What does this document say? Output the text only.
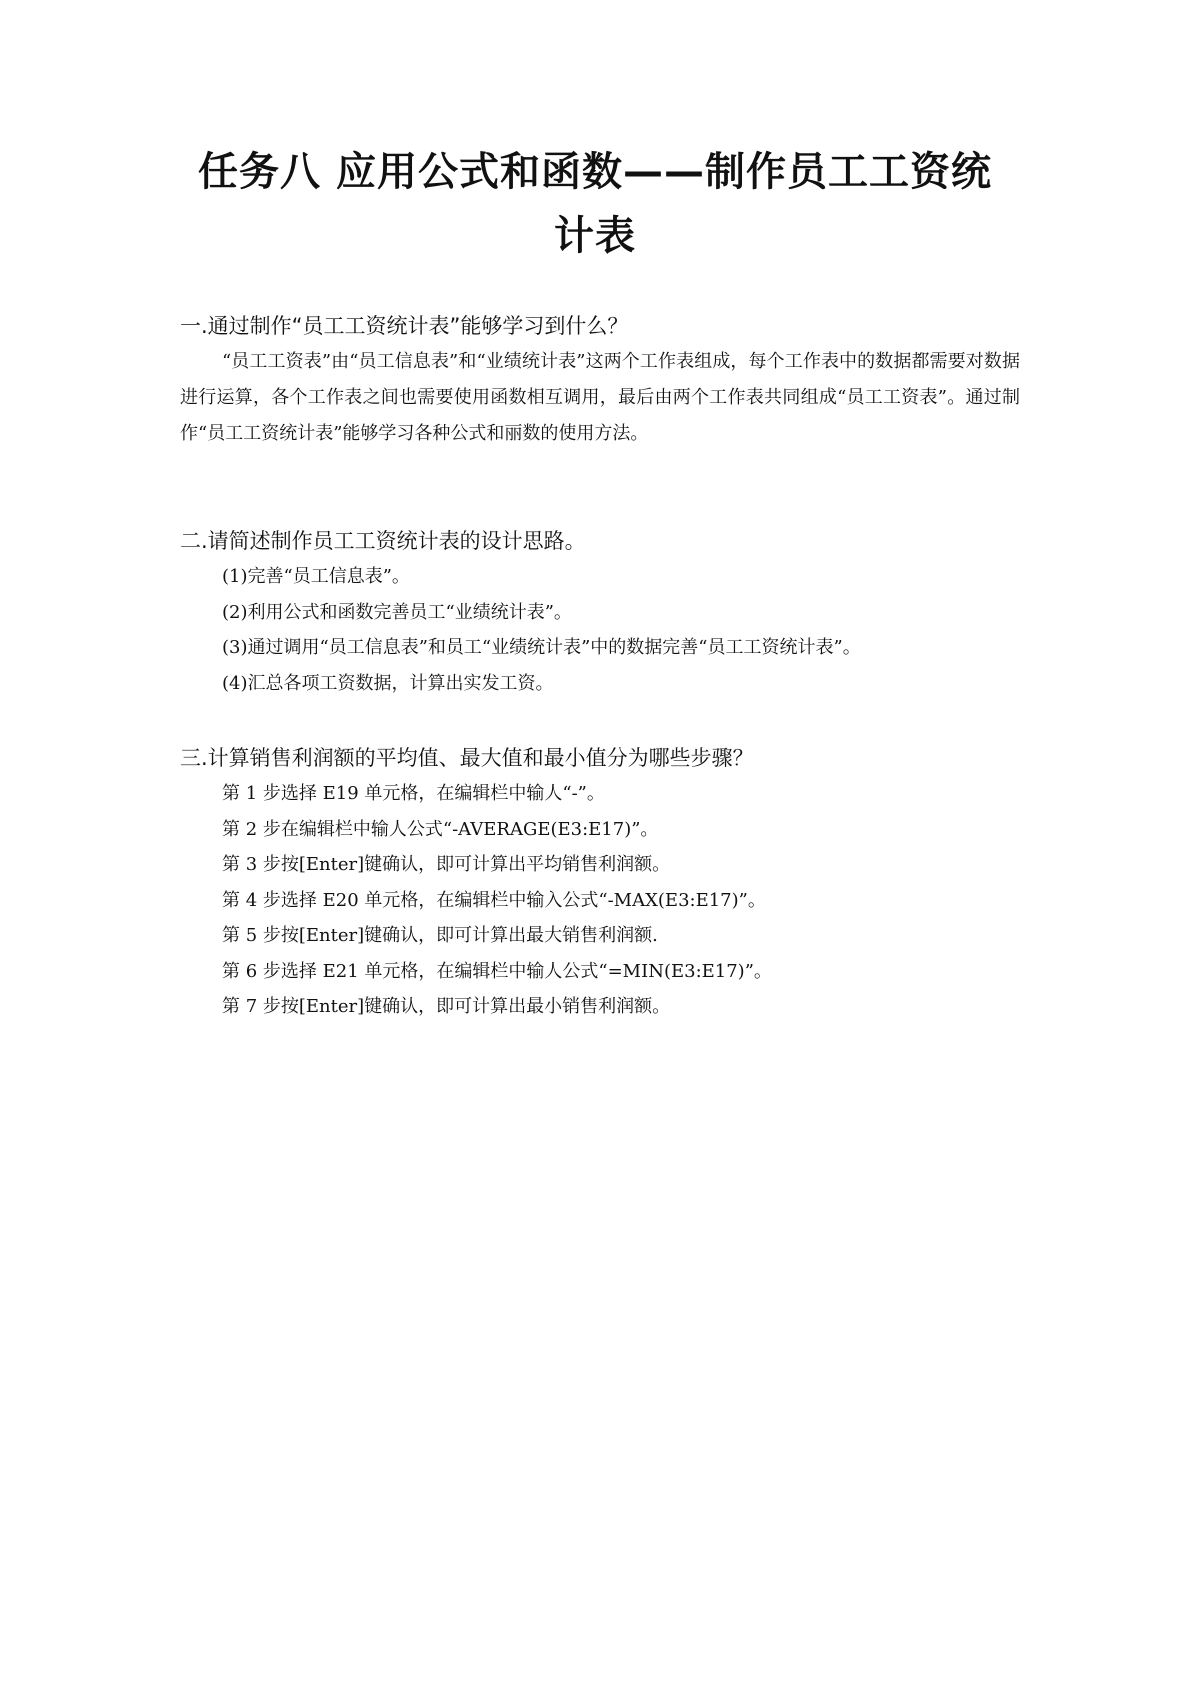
任务八 应用公式和函数——制作员工工资统计表
一.通过制作“员工工资统计表”能够学习到什么？

“员工工资表”由“员工信息表”和“业绩统计表”这两个工作表组成，每个工作表中的数据都需要对数据进行运算，各个工作表之间也需要使用函数相互调用，最后由两个工作表共同组成“员工工资表”。通过制作“员工工资统计表”能够学习各种公式和丽数的使用方法。

二.请简述制作员工工资统计表的设计思路。
(1)完善“员工信息表”。
(2)利用公式和函数完善员工“业绩统计表”。
(3)通过调用“员工信息表”和员工“业绩统计表”中的数据完善“员工工资统计表”。
(4)汇总各项工资数据，计算出实发工资。
三.计算销售利润额的平均值、最大值和最小值分为哪些步骤？
第 1 步选择 E19 单元格，在编辑栏中输人“-”。
第 2 步在编辑栏中输人公式“-AVERAGE(E3:E17)”。
第 3 步按[Enter]键确认，即可计算出平均销售利润额。
第 4 步选择 E20 单元格，在编辑栏中输入公式“-MAX(E3:E17)”。
第 5 步按[Enter]键确认，即可计算出最大销售利润额.
第 6 步选择 E21 单元格，在编辑栏中输人公式“=MIN(E3:E17)”。
第 7 步按[Enter]键确认，即可计算出最小销售利润额。
